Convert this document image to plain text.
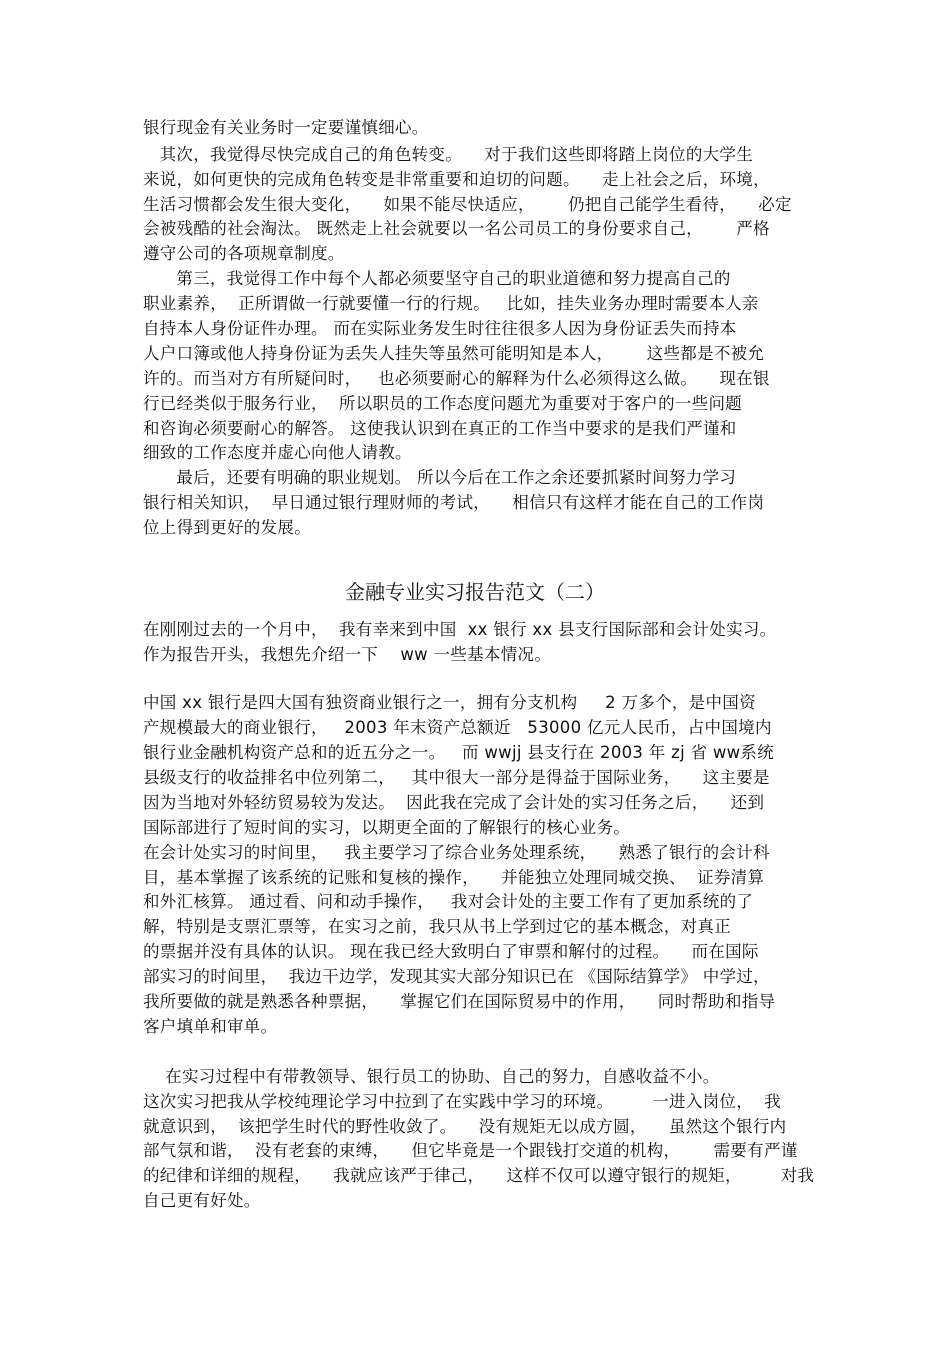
银行现金有关业务时一定要谨慎细心。
其次，我觉得尽快完成自己的角色转变。    对于我们这些即将踏上岗位的大学生
来说，如何更快的完成角色转变是非常重要和迫切的问题。    走上社会之后，环境，
生活习惯都会发生很大变化，    如果不能尽快适应，      仍把自己能学生看待，    必定
会被残酷的社会淘汰。 既然走上社会就要以一名公司员工的身份要求自己，      严格
遵守公司的各项规章制度。
第三，我觉得工作中每个人都必须要坚守自己的职业道德和努力提高自己的
职业素养，  正所谓做一行就要懂一行的行规。   比如，挂失业务办理时需要本人亲
自持本人身份证件办理。 而在实际业务发生时往往很多人因为身份证丢失而持本
人户口簿或他人持身份证为丢失人挂失等虽然可能明知是本人，      这些都是不被允
许的。而当对方有所疑问时，   也必须要耐心的解释为什么必须得这么做。    现在银
行已经类似于服务行业，  所以职员的工作态度问题尤为重要对于客户的一些问题
和咨询必须要耐心的解答。 这使我认识到在真正的工作当中要求的是我们严谨和
细致的工作态度并虚心向他人请教。
最后，还要有明确的职业规划。 所以今后在工作之余还要抓紧时间努力学习
银行相关知识，  早日通过银行理财师的考试，    相信只有这样才能在自己的工作岗
位上得到更好的发展。
金融专业实习报告范文（二）
在刚刚过去的一个月中，  我有幸来到中国  xx 银行 xx 县支行国际部和会计处实习。
作为报告开头，我想先介绍一下    ww 一些基本情况。
中国 xx 银行是四大国有独资商业银行之一，拥有分支机构     2 万多个，是中国资
产规模最大的商业银行，   2003 年末资产总额近   53000 亿元人民币，占中国境内
银行业金融机构资产总和的近五分之一。   而 wwjj 县支行在 2003 年 zj 省 ww系统
县级支行的收益排名中位列第二，   其中很大一部分是得益于国际业务，    这主要是
因为当地对外轻纺贸易较为发达。  因此我在完成了会计处的实习任务之后，    还到
国际部进行了短时间的实习，以期更全面的了解银行的核心业务。
在会计处实习的时间里，   我主要学习了综合业务处理系统，    熟悉了银行的会计科
目，基本掌握了该系统的记账和复核的操作，    并能独立处理同城交换、  证券清算
和外汇核算。 通过看、问和动手操作，   我对会计处的主要工作有了更加系统的了
解，特别是支票汇票等，在实习之前，我只从书上学到过它的基本概念，对真正
的票据并没有具体的认识。 现在我已经大致明白了审票和解付的过程。    而在国际
部实习的时间里，  我边干边学，发现其实大部分知识已在 《国际结算学》 中学过，
我所要做的就是熟悉各种票据，    掌握它们在国际贸易中的作用，    同时帮助和指导
客户填单和审单。
在实习过程中有带教领导、银行员工的协助、自己的努力，自感收益不小。
这次实习把我从学校纯理论学习中拉到了在实践中学习的环境。       一进入岗位，  我
就意识到，  该把学生时代的野性收敛了。    没有规矩无以成方圆，    虽然这个银行内
部气氛和谐，  没有老套的束缚，    但它毕竟是一个跟钱打交道的机构，      需要有严谨
的纪律和详细的规程，    我就应该严于律己，    这样不仅可以遵守银行的规矩，       对我
自己更有好处。
